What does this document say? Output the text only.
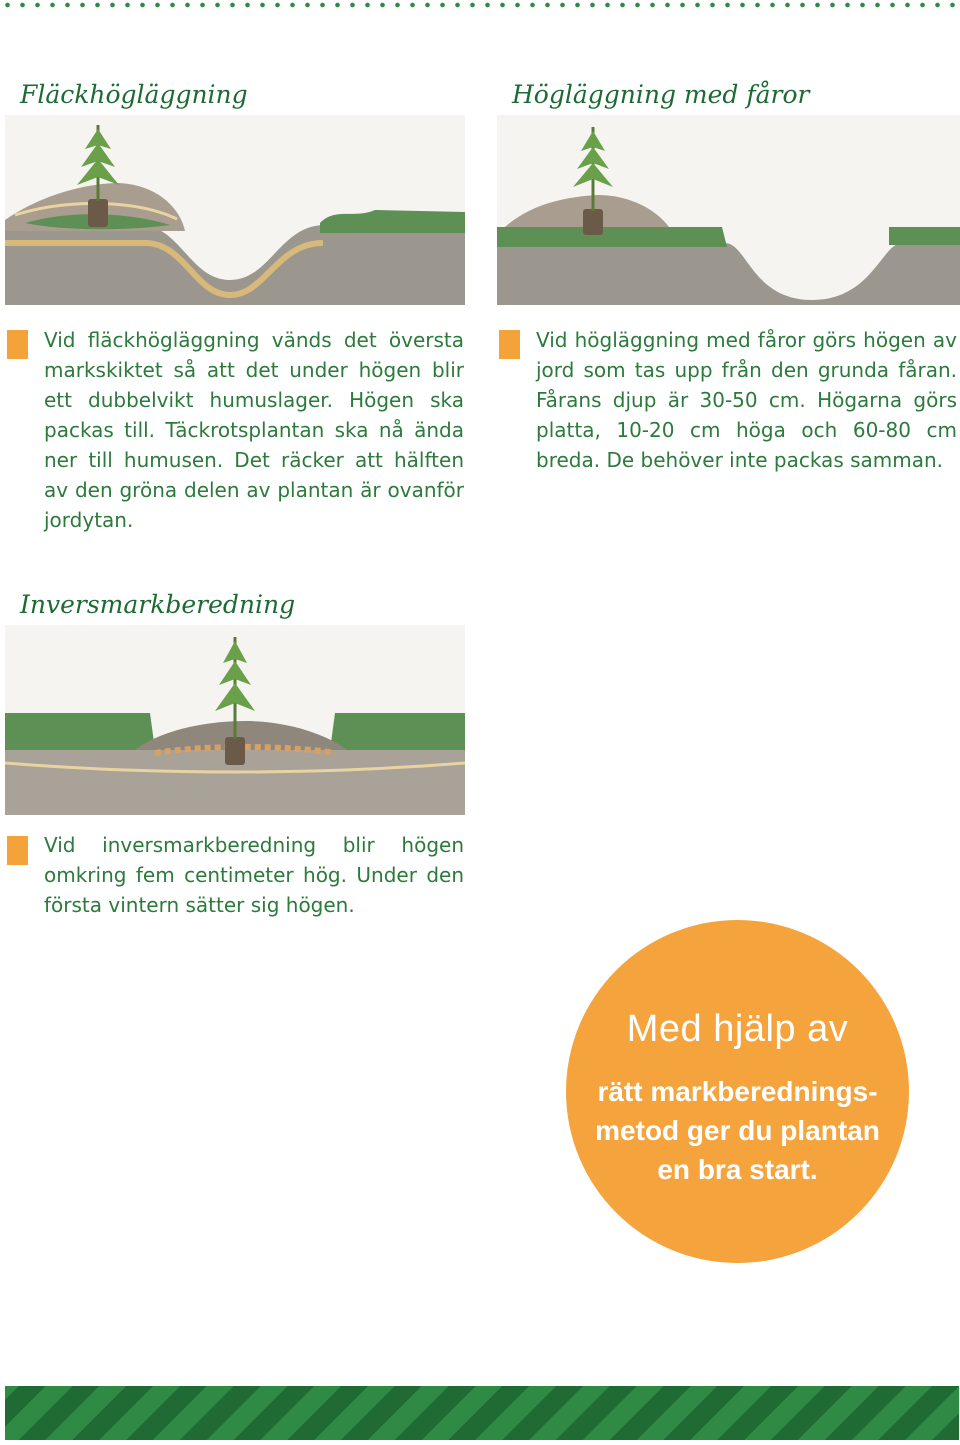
Fläckhögläggning

Vid fläckhögläggning vänds det översta markskiktet så att det under högen blir ett dubbelvikt humuslager. Högen ska packas till. Täckrotsplantan ska nå ända ner till humusen. Det räcker att hälften av den gröna delen av plantan är ovanför jordytan.

Högläggning med fåror

Vid högläggning med fåror görs högen av jord som tas upp från den grunda fåran. Fårans djup är 30-50 cm. Högarna görs platta, 10-20 cm höga och 60-80 cm breda. De behöver inte packas samman.

Inversmarkberedning

Vid inversmarkberedning blir högen omkring fem centimeter hög. Under den första vintern sätter sig högen.

Med hjälp av

rätt markberednings-metod ger du plantan en bra start.
